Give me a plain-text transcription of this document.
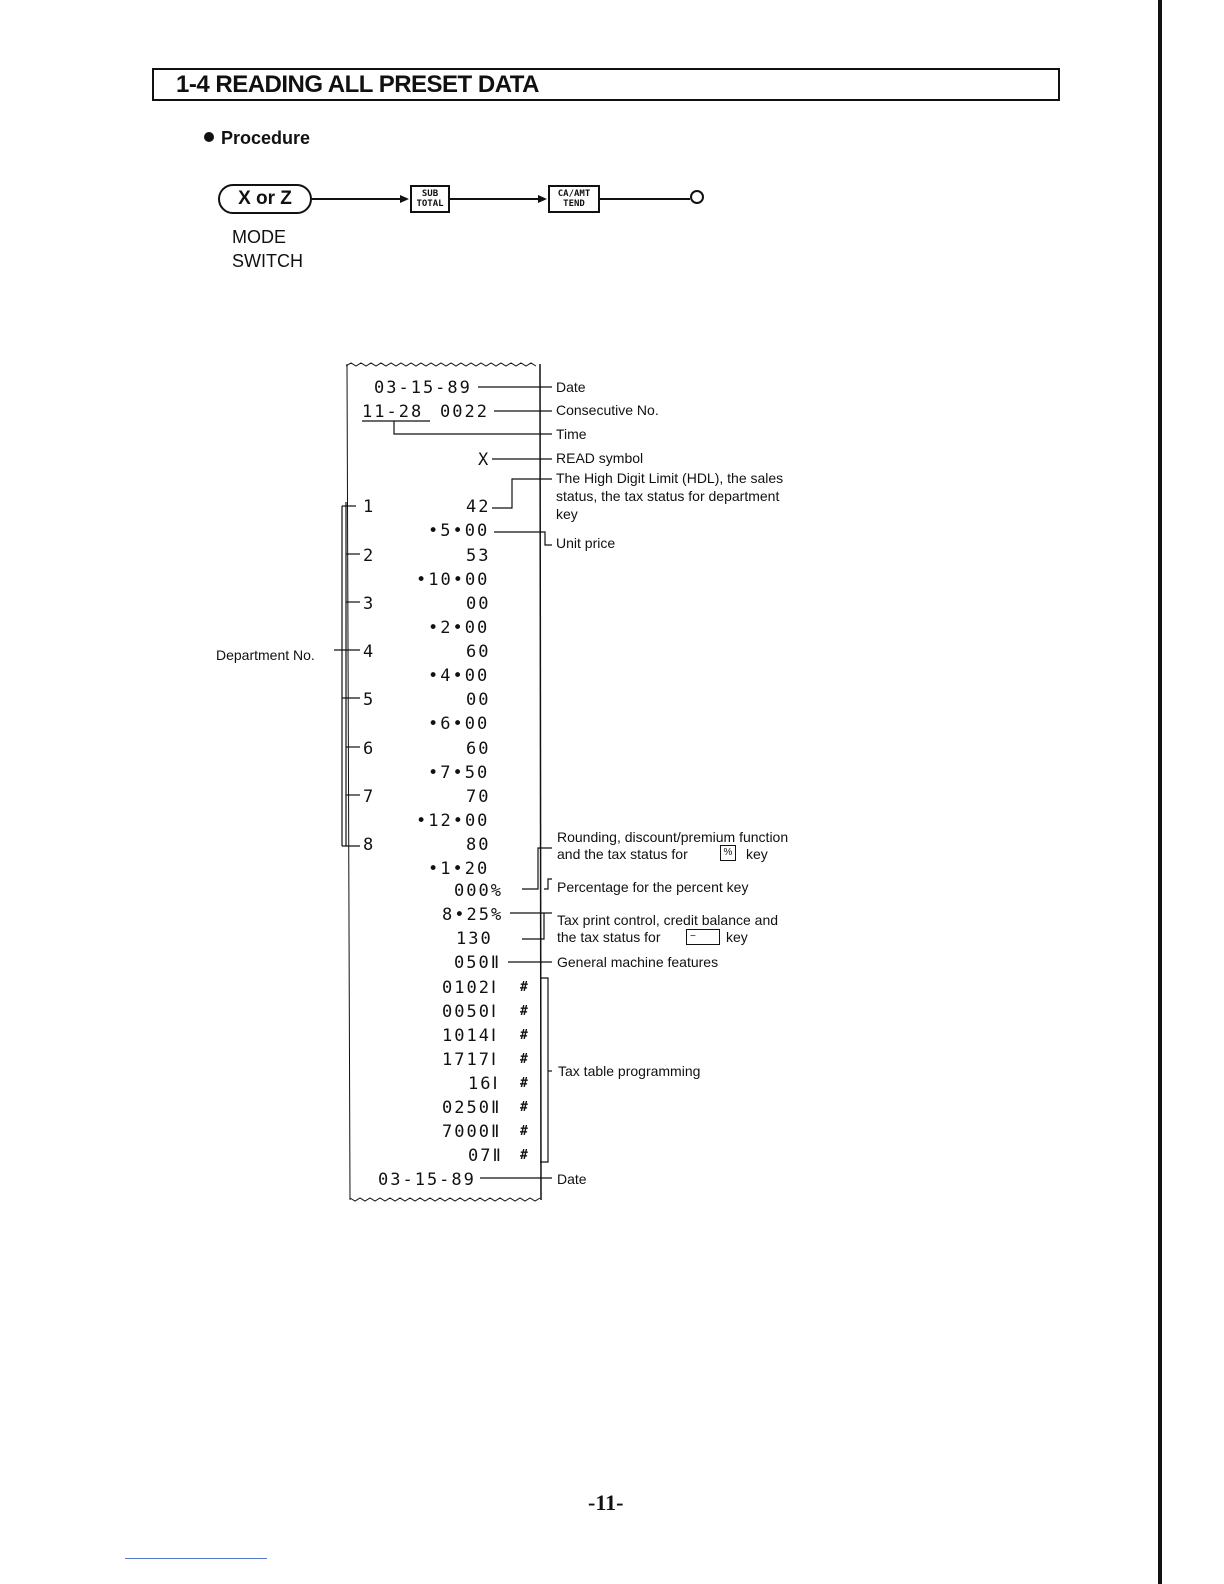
1-4 READING ALL PRESET DATA
Procedure
X or Z	SUB
TOTAL
CA/AMT
TEND
MODE
SWITCH
03-15-89
11-28 0022
X
1	42
•5•00
2	53
•10•00
3	00
•2•00
4	60
•4•00
5	00
•6•00
6	60
•7•50
7	70
•12•00
8	80
•1•20
000%
8•25%
130
050Ⅱ
0102Ⅰ #
0050Ⅰ #
1014Ⅰ #
1717Ⅰ #
16Ⅰ #
0250Ⅱ #
7000Ⅱ #
07Ⅱ #
03-15-89
Date
Consecutive No.
Time
READ symbol
The High Digit Limit (HDL), the sales
status, the tax status for department
key
Unit price
Department No.
Rounding, discount/premium function
and the tax status for	% key
Percentage for the percent key
Tax print control, credit balance and
the tax status for	−	key
General machine features
Tax table programming
Date
-11-
